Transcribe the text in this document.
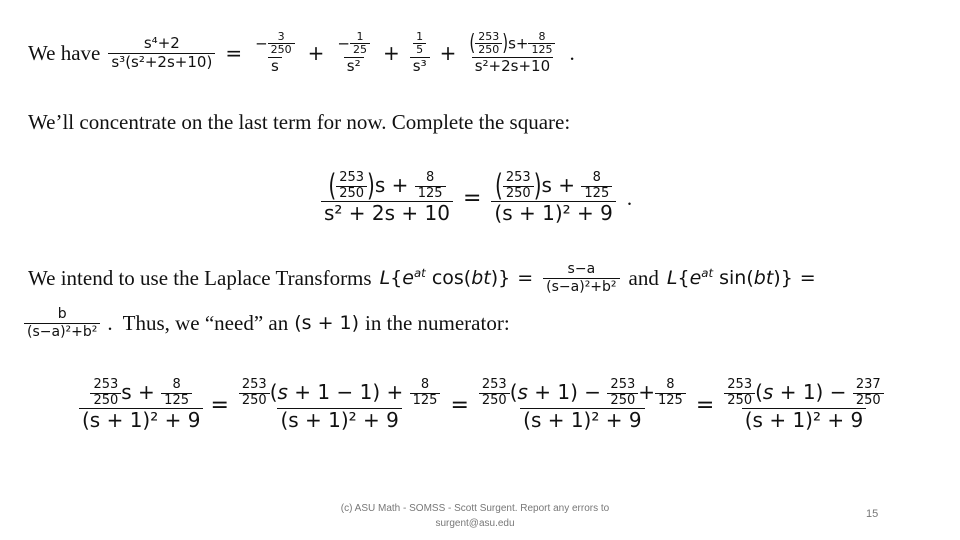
We have $\frac{\text{s⁴+2}}{\text{s³(s²+2s+10)}} = \frac{- \frac{3}{250}}{s} + \frac{- \frac{1}{25}}{\text{s²}} + \frac{\frac{1}{5}}{\text{s³}} + \frac{( \frac{253}{250} )s+ \frac{8}{125}}{\text{s²+2s+10}}$ .
We’ll concentrate on the last term for now. Complete the square:
$\frac{( \frac{253}{250} )s + \frac{8}{125}}{\text{s² + 2s + 10}} = \frac{( \frac{253}{250} )s + \frac{8}{125}}{\text{(s + 1)² + 9}}$ .
We intend to use the Laplace Transforms $L\{e^{at}$ $\cos(bt)\} = \frac{s-a}{\text{(s−a)²+b²}}$ and $L\{e^{at}$ sin(bt)} =
$\frac{b}{\text{(s−a)²+b²}}$ . Thus, we “need” an (s + 1) in the numerator:
$\frac{\frac{253}{250} s + \frac{8}{125}}{\text{(s + 1)² + 9}} = \frac{\frac{253}{250} (s + 1 - 1) + \frac{8}{125}}{\text{(s + 1)² + 9}} = \frac{\frac{253}{250} (s + 1) - \frac{253}{250} + \frac{8}{125}}{\text{(s + 1)² + 9}} = \frac{\frac{253}{250} (s + 1) - \frac{237}{250}}{\text{(s + 1)² + 9}}$
(c) ASU Math - SOMSS - Scott Surgent. Report any errors to
surgent@asu.edu
15
